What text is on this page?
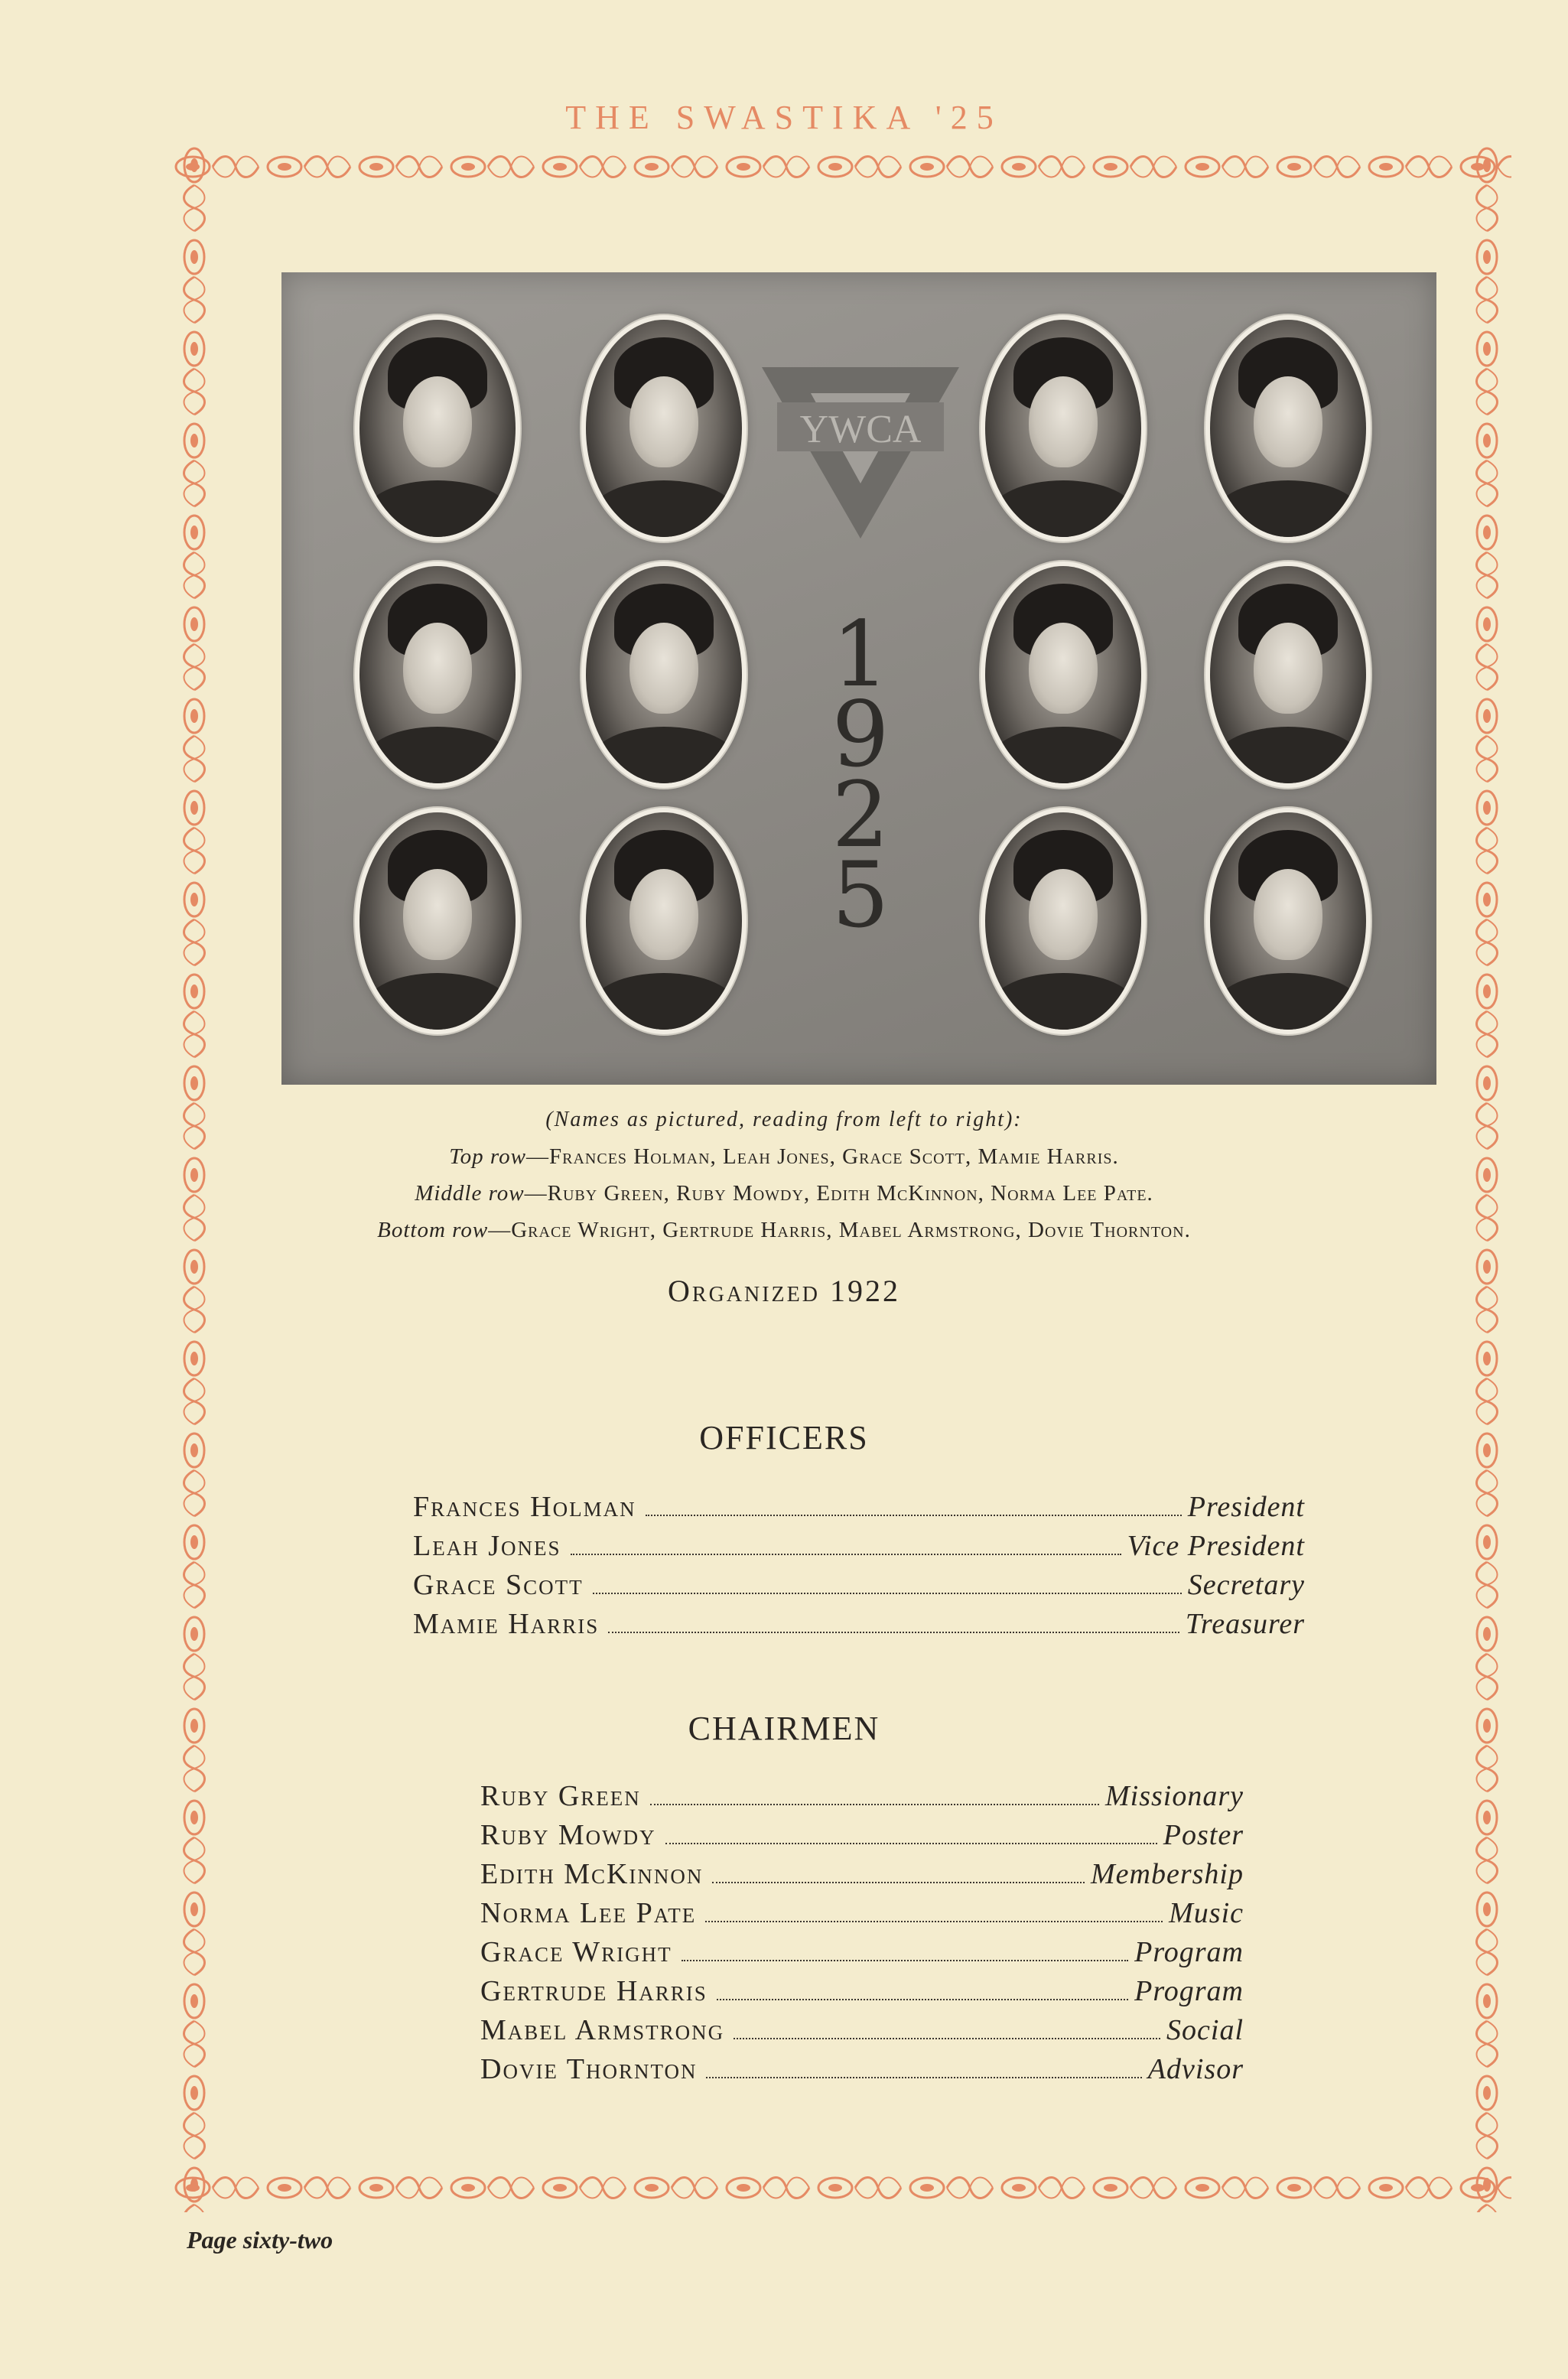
THE SWASTIKA '25
YWCA
1
9
2
5
(Names as pictured, reading from left to right):
Top row—Frances Holman, Leah Jones, Grace Scott, Mamie Harris.
Middle row—Ruby Green, Ruby Mowdy, Edith McKinnon, Norma Lee Pate.
Bottom row—Grace Wright, Gertrude Harris, Mabel Armstrong, Dovie Thornton.
Organized 1922
OFFICERS
Frances Holman	President
Leah Jones	Vice President
Grace Scott	Secretary
Mamie Harris	Treasurer
CHAIRMEN
Ruby Green	Missionary
Ruby Mowdy	Poster
Edith McKinnon	Membership
Norma Lee Pate	Music
Grace Wright	Program
Gertrude Harris	Program
Mabel Armstrong	Social
Dovie Thornton	Advisor
Page sixty-two
